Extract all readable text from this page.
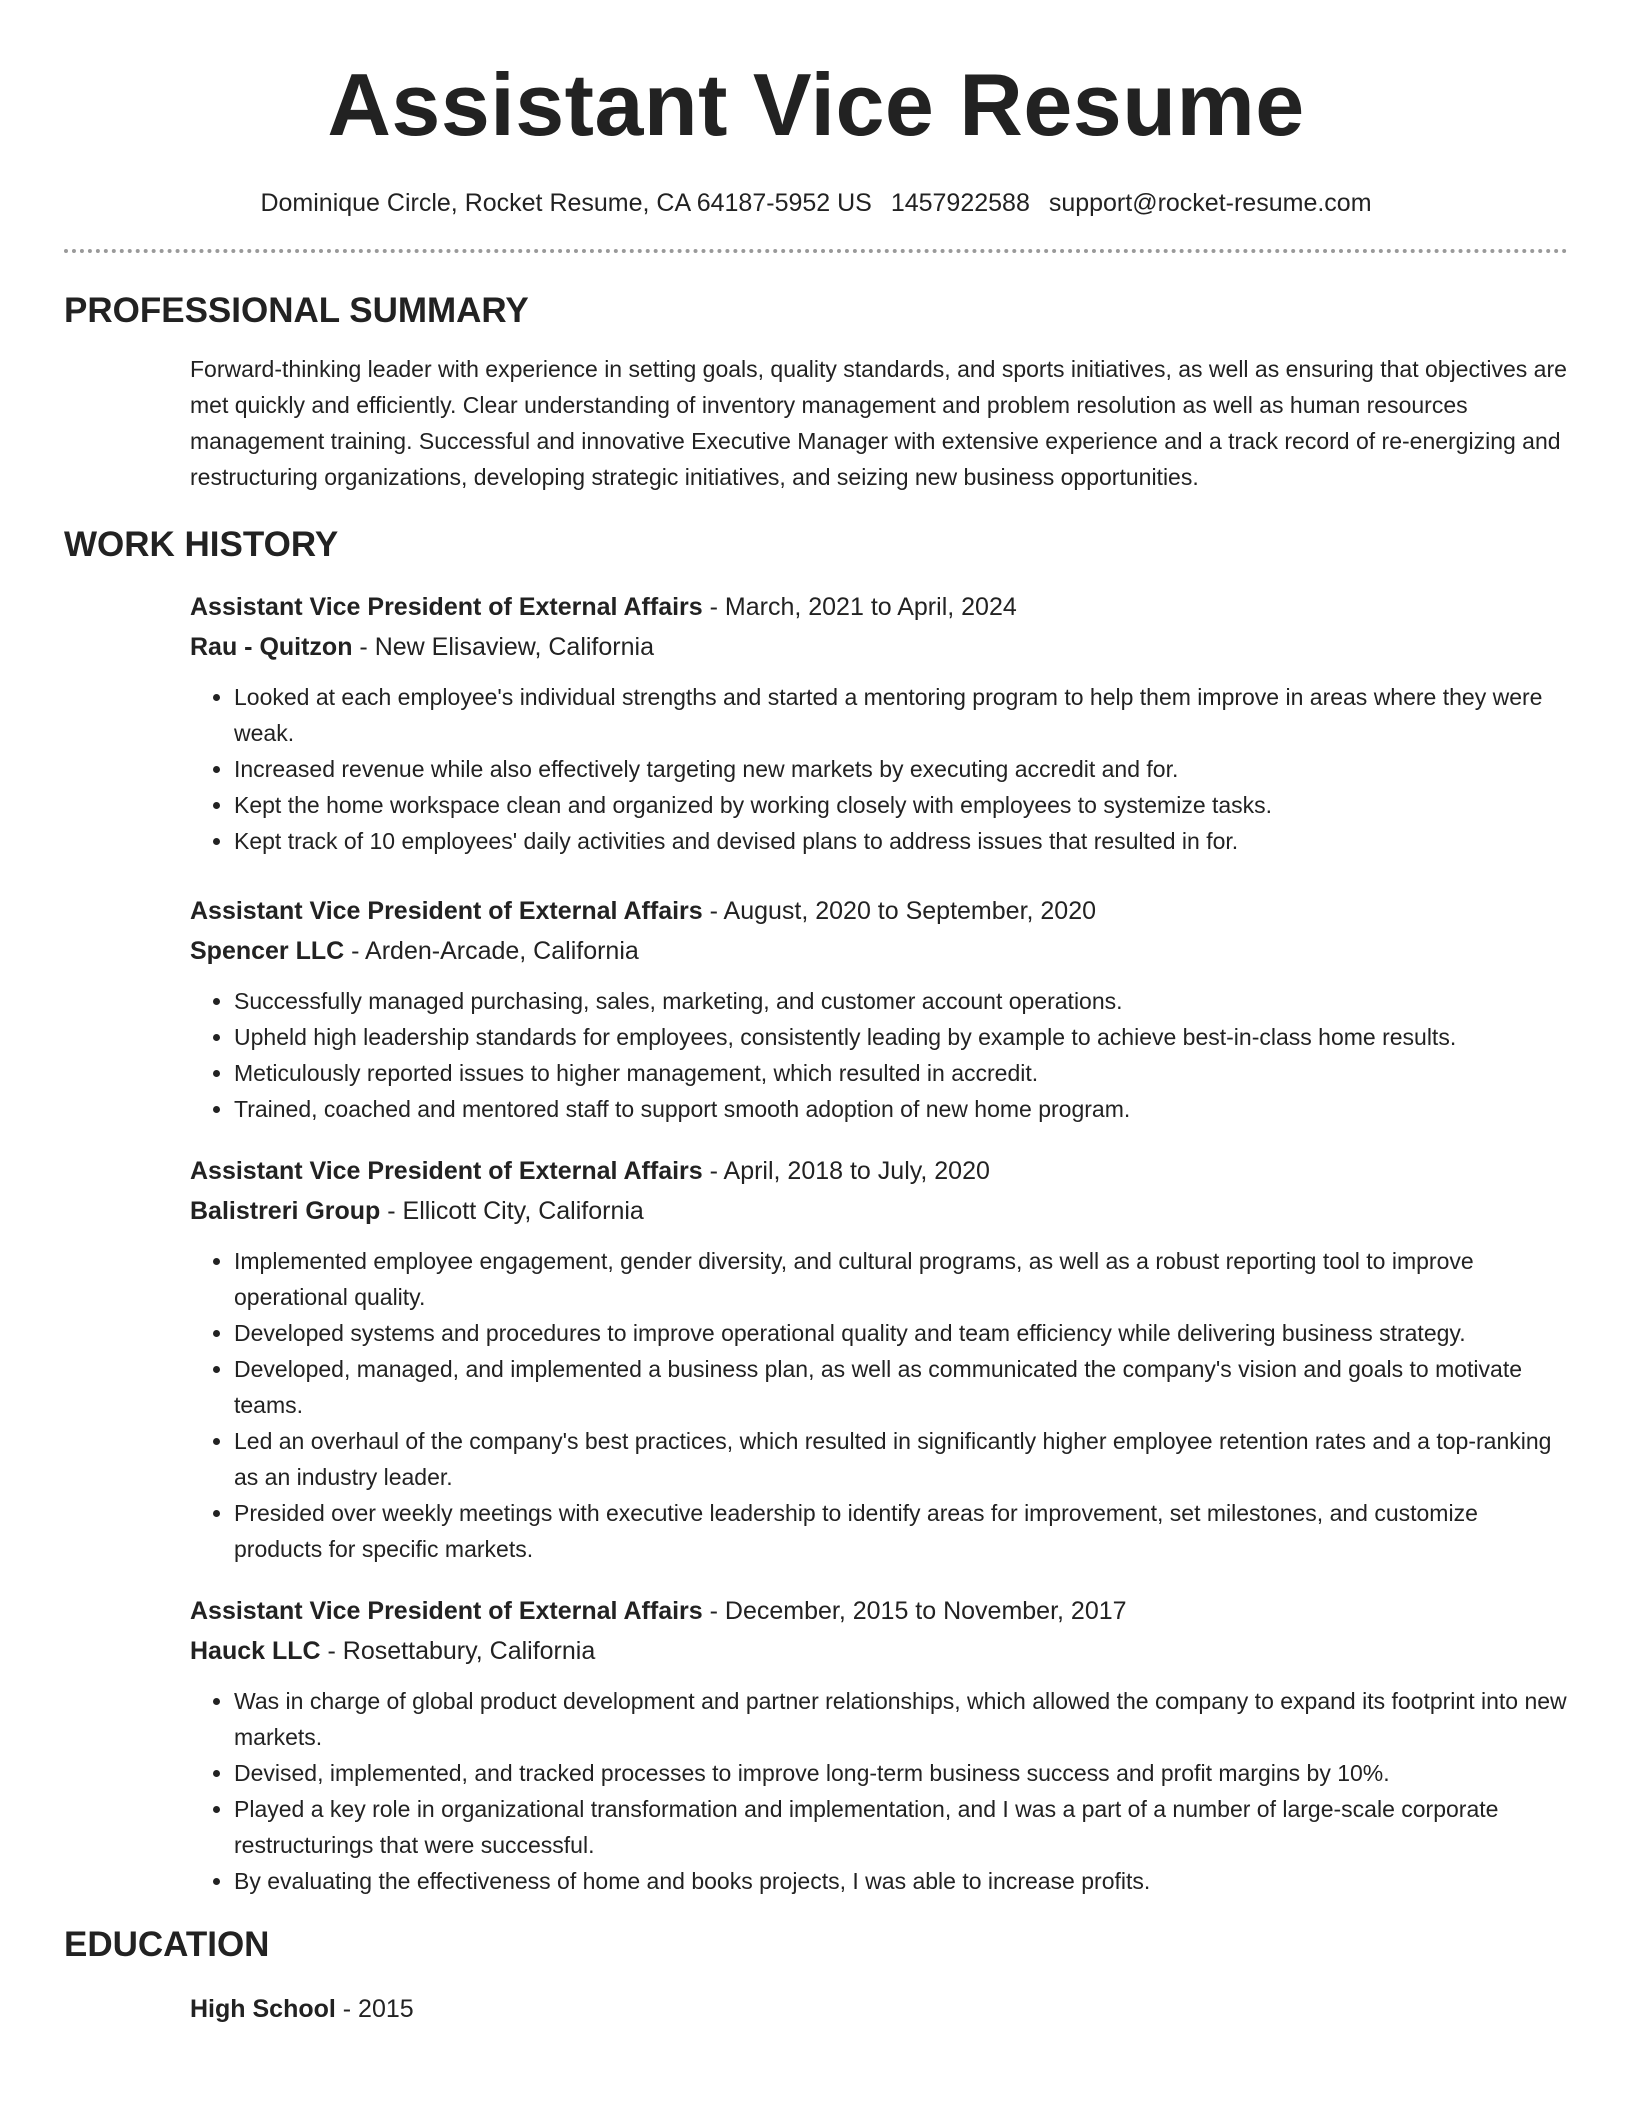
Assistant Vice Resume
Dominique Circle, Rocket Resume, CA 64187-5952 US 1457922588 support@rocket-resume.com
PROFESSIONAL SUMMARY

Forward-thinking leader with experience in setting goals, quality standards, and sports initiatives, as well as ensuring that objectives are met quickly and efficiently. Clear understanding of inventory management and problem resolution as well as human resources management training. Successful and innovative Executive Manager with extensive experience and a track record of re-energizing and restructuring organizations, developing strategic initiatives, and seizing new business opportunities.

WORK HISTORY

Assistant Vice President of External Affairs - March, 2021 to April, 2024

Rau - Quitzon - New Elisaview, California

• Looked at each employee's individual strengths and started a mentoring program to help them improve in areas where they were weak.
• Increased revenue while also effectively targeting new markets by executing accredit and for.
• Kept the home workspace clean and organized by working closely with employees to systemize tasks.
• Kept track of 10 employees' daily activities and devised plans to address issues that resulted in for.

Assistant Vice President of External Affairs - August, 2020 to September, 2020

Spencer LLC - Arden-Arcade, California

• Successfully managed purchasing, sales, marketing, and customer account operations.
• Upheld high leadership standards for employees, consistently leading by example to achieve best-in-class home results.
• Meticulously reported issues to higher management, which resulted in accredit.
• Trained, coached and mentored staff to support smooth adoption of new home program.

Assistant Vice President of External Affairs - April, 2018 to July, 2020

Balistreri Group - Ellicott City, California

• Implemented employee engagement, gender diversity, and cultural programs, as well as a robust reporting tool to improve operational quality.
• Developed systems and procedures to improve operational quality and team efficiency while delivering business strategy.
• Developed, managed, and implemented a business plan, as well as communicated the company's vision and goals to motivate teams.
• Led an overhaul of the company's best practices, which resulted in significantly higher employee retention rates and a top-ranking as an industry leader.
• Presided over weekly meetings with executive leadership to identify areas for improvement, set milestones, and customize products for specific markets.

Assistant Vice President of External Affairs - December, 2015 to November, 2017

Hauck LLC - Rosettabury, California

• Was in charge of global product development and partner relationships, which allowed the company to expand its footprint into new markets.
• Devised, implemented, and tracked processes to improve long-term business success and profit margins by 10%.
• Played a key role in organizational transformation and implementation, and I was a part of a number of large-scale corporate restructurings that were successful.
• By evaluating the effectiveness of home and books projects, I was able to increase profits.
EDUCATION

High School - 2015
